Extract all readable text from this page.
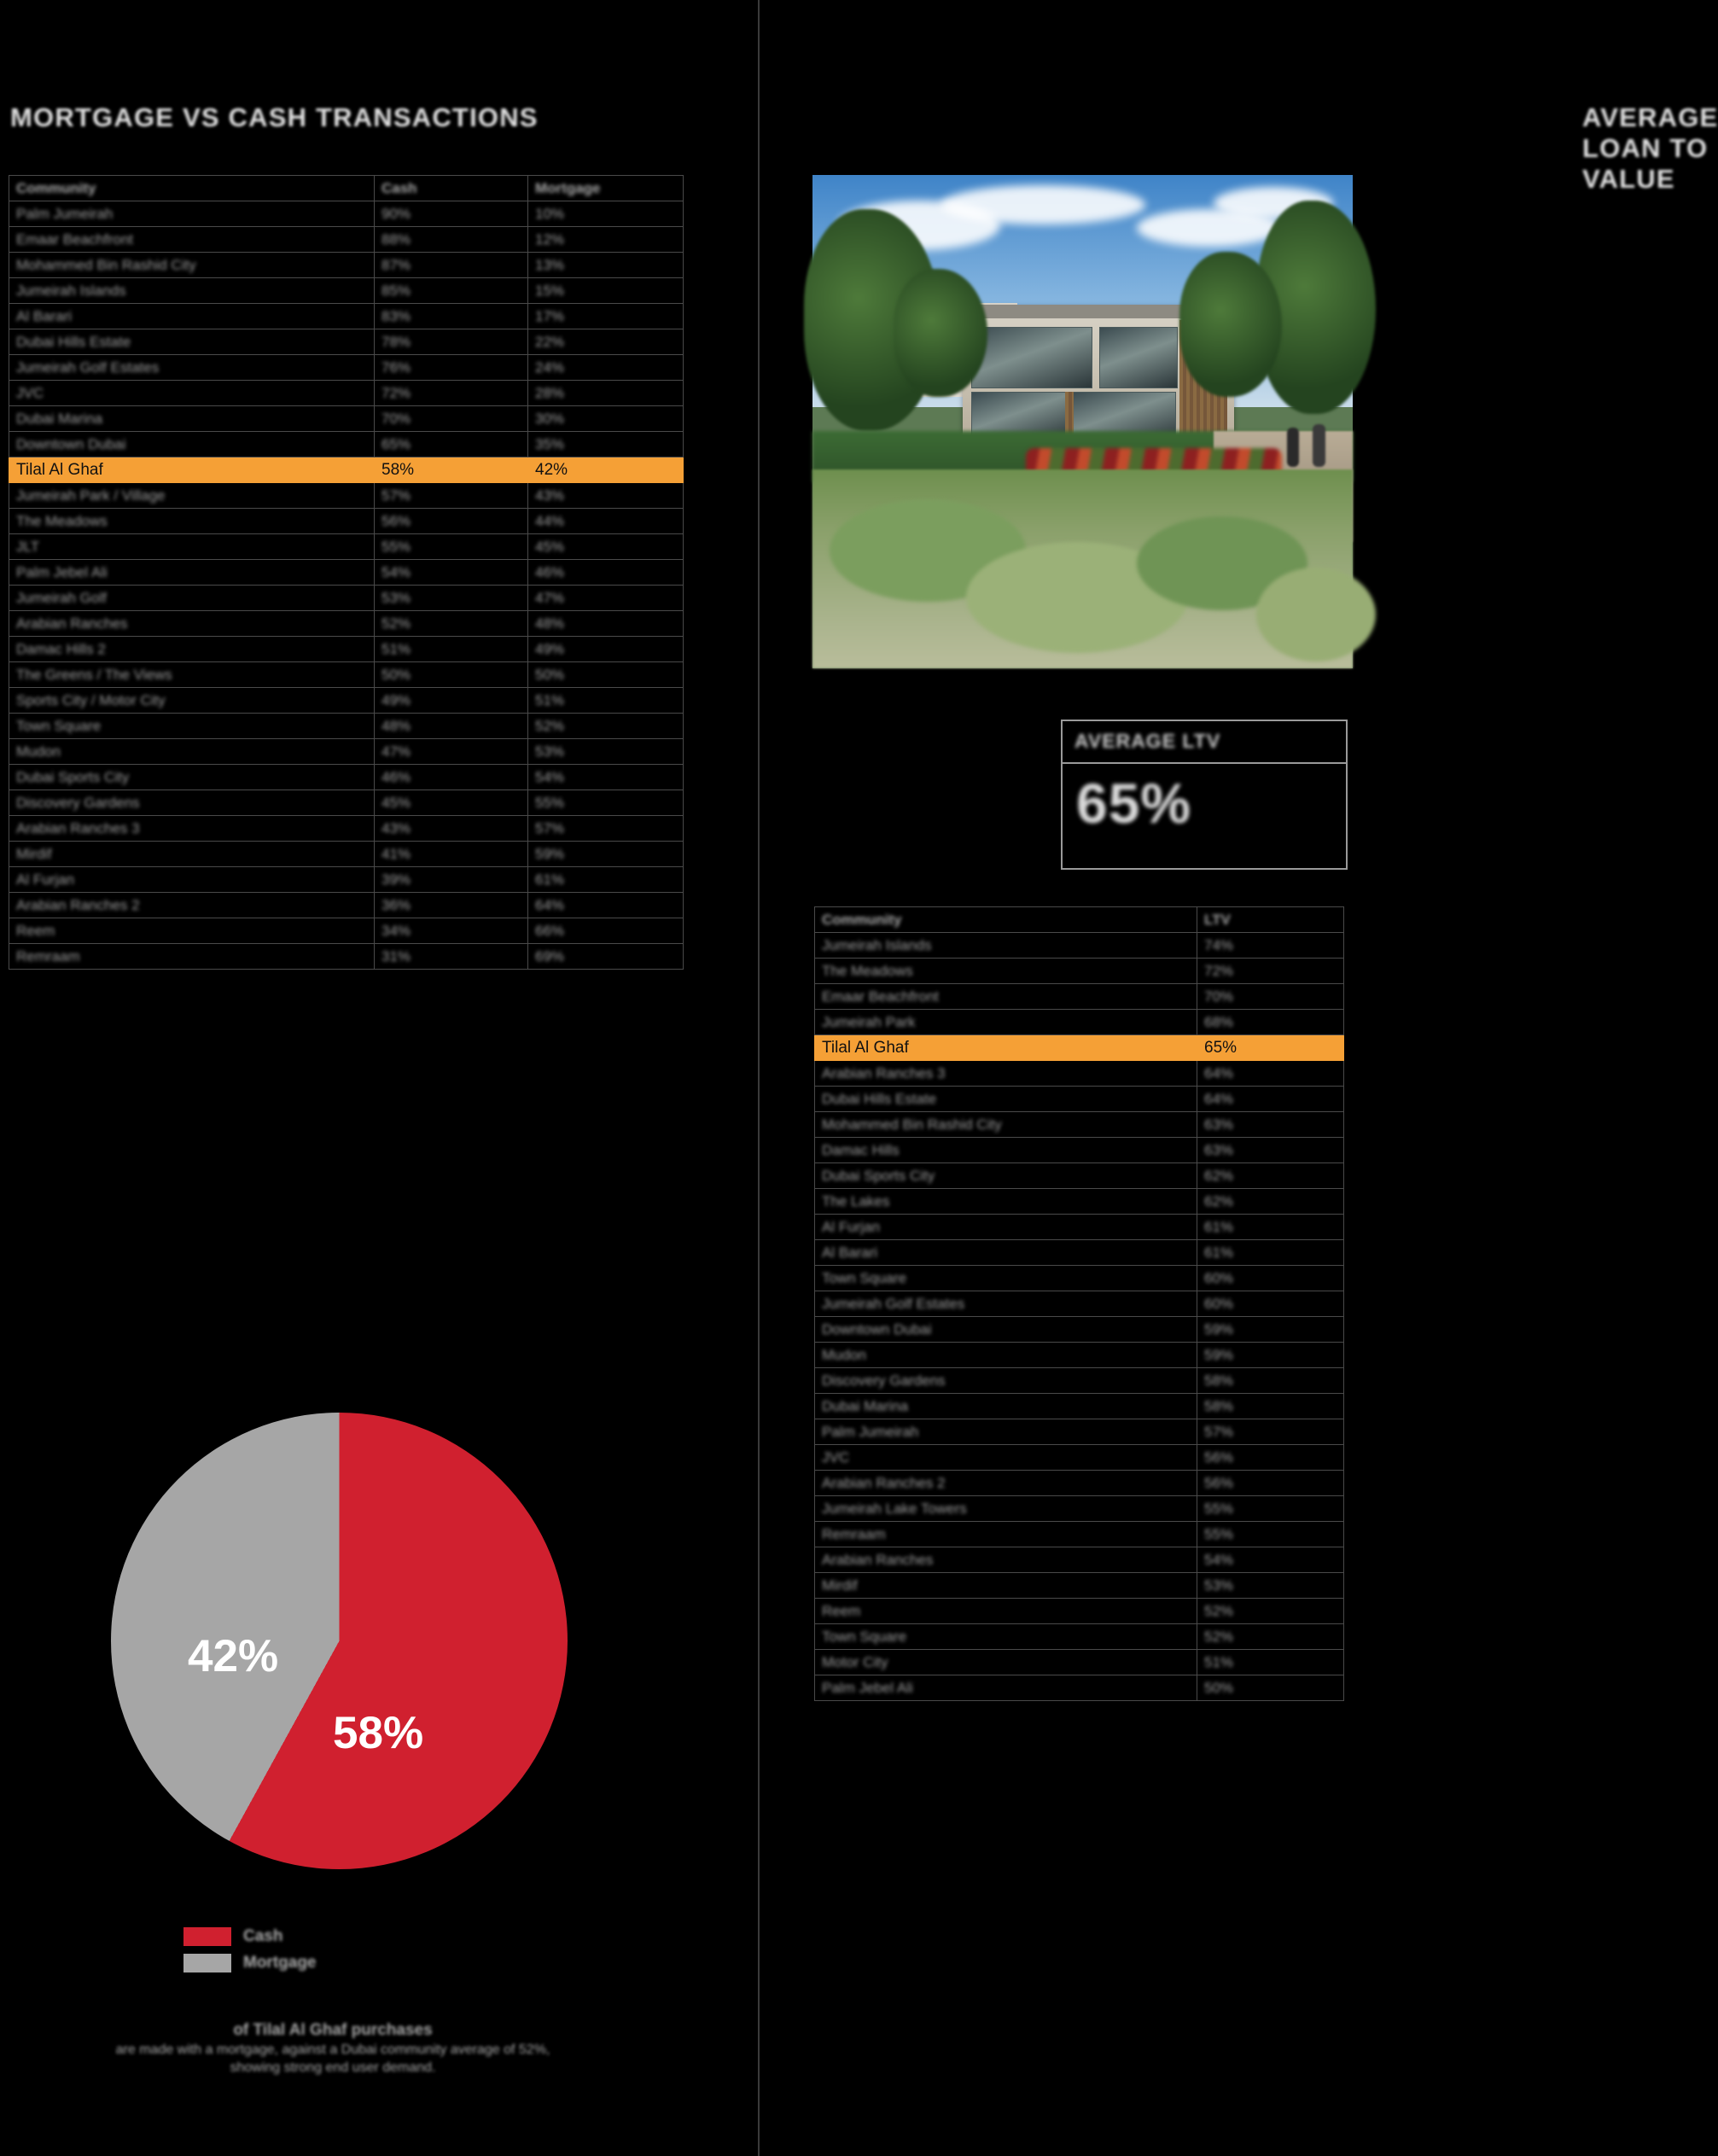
MORTGAGE VS CASH TRANSACTIONS
Community	Cash	Mortgage
Palm Jumeirah	90%	10%
Emaar Beachfront	88%	12%
Mohammed Bin Rashid City	87%	13%
Jumeirah Islands	85%	15%
Al Barari	83%	17%
Dubai Hills Estate	78%	22%
Jumeirah Golf Estates	76%	24%
JVC	72%	28%
Dubai Marina	70%	30%
Downtown Dubai	65%	35%
Tilal Al Ghaf	58%	42%
Jumeirah Park / Village	57%	43%
The Meadows	56%	44%
JLT	55%	45%
Palm Jebel Ali	54%	46%
Jumeirah Golf	53%	47%
Arabian Ranches	52%	48%
Damac Hills 2	51%	49%
The Greens / The Views	50%	50%
Sports City / Motor City	49%	51%
Town Square	48%	52%
Mudon	47%	53%
Dubai Sports City	46%	54%
Discovery Gardens	45%	55%
Arabian Ranches 3	43%	57%
Mirdif	41%	59%
Al Furjan	39%	61%
Arabian Ranches 2	36%	64%
Reem	34%	66%
Remraam	31%	69%
58%
42%
Cash
Mortgage
of Tilal Al Ghaf purchases
are made with a mortgage, against a Dubai community average of 52%, showing strong end user demand.
AVERAGE LOAN TO VALUE
AVERAGE LTV
65%
Community	LTV
Jumeirah Islands	74%
The Meadows	72%
Emaar Beachfront	70%
Jumeirah Park	68%
Tilal Al Ghaf	65%
Arabian Ranches 3	64%
Dubai Hills Estate	64%
Mohammed Bin Rashid City	63%
Damac Hills	63%
Dubai Sports City	62%
The Lakes	62%
Al Furjan	61%
Al Barari	61%
Town Square	60%
Jumeirah Golf Estates	60%
Downtown Dubai	59%
Mudon	59%
Discovery Gardens	58%
Dubai Marina	58%
Palm Jumeirah	57%
JVC	56%
Arabian Ranches 2	56%
Jumeirah Lake Towers	55%
Remraam	55%
Arabian Ranches	54%
Mirdif	53%
Reem	52%
Town Square	52%
Motor City	51%
Palm Jebel Ali	50%
